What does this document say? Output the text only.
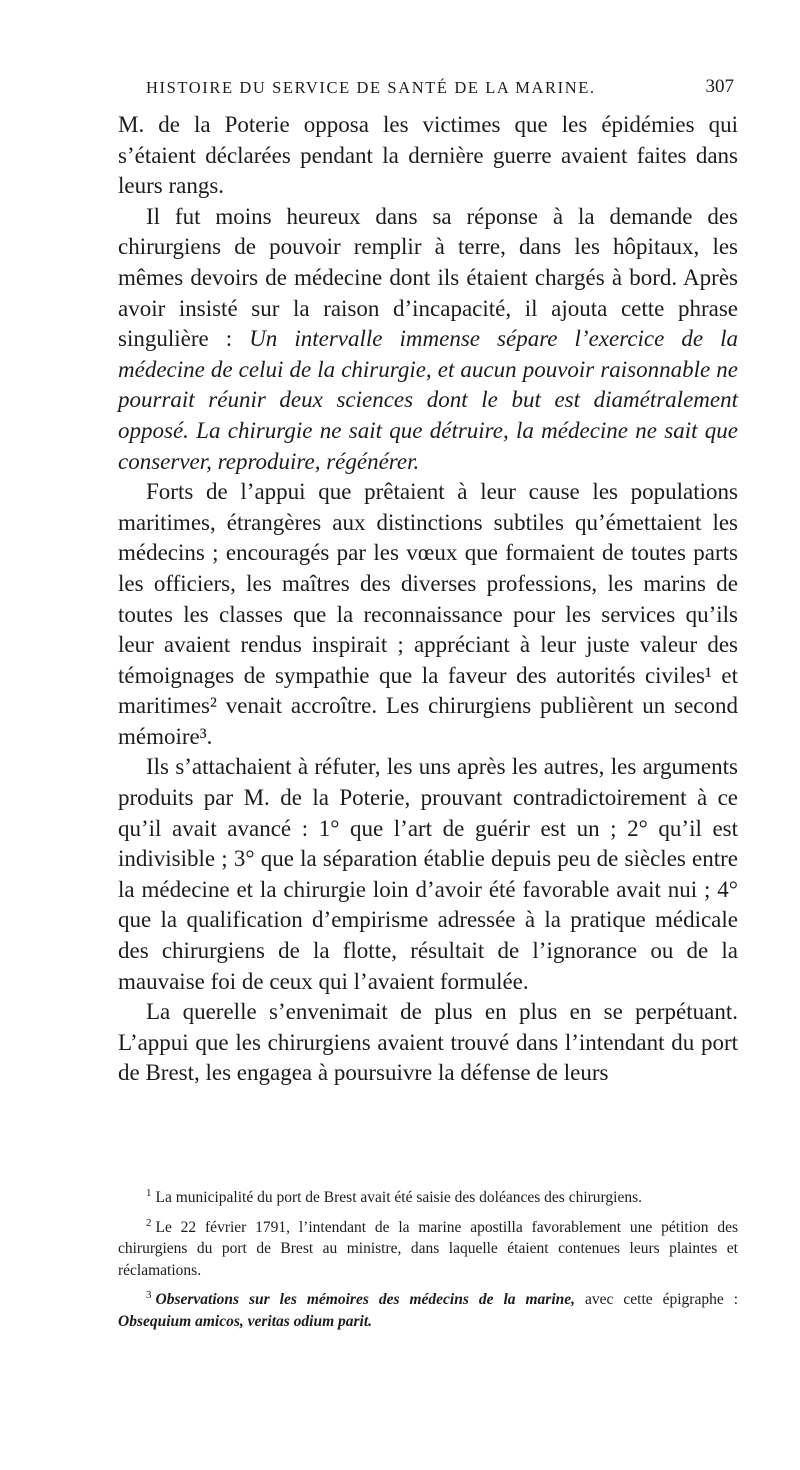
HISTOIRE DU SERVICE DE SANTÉ DE LA MARINE.	307

M. de la Poterie opposa les victimes que les épidémies qui s’étaient déclarées pendant la dernière guerre avaient faites dans leurs rangs.

Il fut moins heureux dans sa réponse à la demande des chirurgiens de pouvoir remplir à terre, dans les hôpitaux, les mêmes devoirs de médecine dont ils étaient chargés à bord. Après avoir insisté sur la raison d’incapacité, il ajouta cette phrase singulière : Un intervalle immense sépare l’exercice de la médecine de celui de la chirurgie, et aucun pouvoir raisonnable ne pourrait réunir deux sciences dont le but est diamétralement opposé. La chirurgie ne sait que détruire, la médecine ne sait que conserver, reproduire, régénérer.

Forts de l’appui que prêtaient à leur cause les populations maritimes, étrangères aux distinctions subtiles qu’émettaient les médecins ; encouragés par les vœux que formaient de toutes parts les officiers, les maîtres des diverses professions, les marins de toutes les classes que la reconnaissance pour les services qu’ils leur avaient rendus inspirait ; appréciant à leur juste valeur des témoignages de sympathie que la faveur des autorités civiles¹ et maritimes² venait accroître. Les chirurgiens publièrent un second mémoire³.

Ils s’attachaient à réfuter, les uns après les autres, les arguments produits par M. de la Poterie, prouvant contradictoirement à ce qu’il avait avancé : 1° que l’art de guérir est un ; 2° qu’il est indivisible ; 3° que la séparation établie depuis peu de siècles entre la médecine et la chirurgie loin d’avoir été favorable avait nui ; 4° que la qualification d’empirisme adressée à la pratique médicale des chirurgiens de la flotte, résultait de l’ignorance ou de la mauvaise foi de ceux qui l’avaient formulée.

La querelle s’envenimait de plus en plus en se perpétuant. L’appui que les chirurgiens avaient trouvé dans l’intendant du port de Brest, les engagea à poursuivre la défense de leurs

$^1$ La municipalité du port de Brest avait été saisie des doléances des chirurgiens.

$^2$ Le 22 février 1791, l’intendant de la marine apostilla favorablement une pétition des chirurgiens du port de Brest au ministre, dans laquelle étaient contenues leurs plaintes et réclamations.

$^3$ Observations sur les mémoires des médecins de la marine, avec cette épigraphe : Obsequium amicos, veritas odium parit.
